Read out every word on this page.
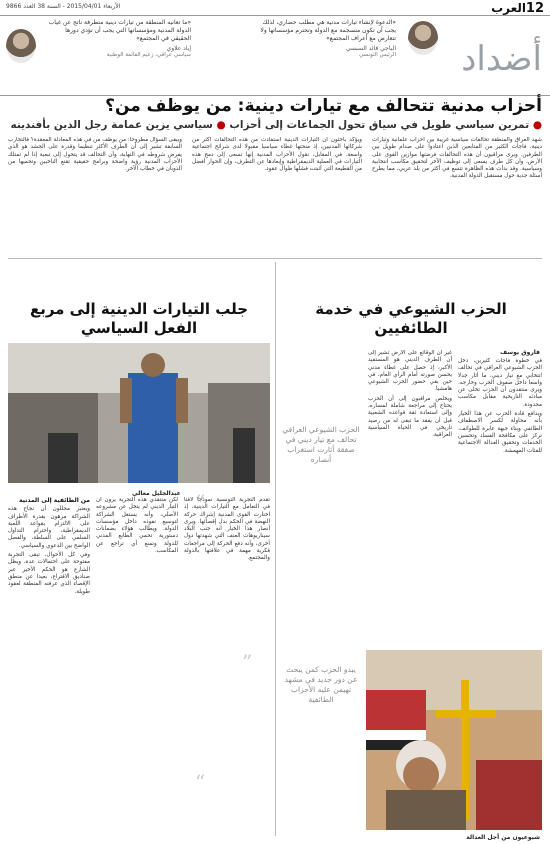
12
العرب
الأربعاء 2015/04/01 - السنة 38 العدد 9866
أضداد
«الدعوة لإنشاء تيارات مدنية هي مطلب حضاري، لذلك يجب أن تكون منسجمة مع الدولة وتحترم مؤسساتها ولا تتعارض مع أعراف المجتمع»
الباجي قائد السبسي
الرئيس التونسي
«ما تعانيه المنطقة من تيارات دينية متطرفة ناتج عن غياب الدولة المدنية ومؤسساتها التي يجب أن تؤدي دورها الحقيقي في المجتمع»
إياد علاوي
سياسي عراقي، زعيم القائمة الوطنية
أحزاب مدنية تتحالف مع تيارات دينية: من يوظف من؟
● تمرين سياسي طويل في سياق تحول الجماعات إلى أحزاب ● سياسي يزين عمامة رجل الدين بأفندينه

شهد العراق والمنطقة تحالفات سياسية غريبة بين أحزاب علمانية وتيارات دينية، فاجأت الكثير من المتابعين الذين اعتادوا على صدام طويل بين الطرفين. ويرى مراقبون أن هذه التحالفات فرضتها موازين القوى على الأرض، وأن كل طرف يسعى إلى توظيف الآخر لتحقيق مكاسب انتخابية وسياسية. وقد بدأت هذه الظاهرة تتسع في أكثر من بلد عربي، مما يطرح أسئلة جدية حول مستقبل الدولة المدنية.

ويؤكد باحثون أن التيارات الدينية استفادت من هذه التحالفات أكثر من شركائها المدنيين، إذ منحتها غطاء سياسيا مقبولا لدى شرائح اجتماعية واسعة. في المقابل، تقول الأحزاب المدنية إنها تسعى إلى دمج هذه التيارات في العملية الديمقراطية وإبعادها عن التطرف، وإن الحوار أفضل من القطيعة التي أثبتت فشلها طوال عقود.

ويبقى السؤال مطروحا: من يوظف من في هذه المعادلة المعقدة؟ فالتجارب السابقة تشير إلى أن الطرف الأكثر تنظيما وقدرة على الحشد هو الذي يفرض شروطه في النهاية، وأن التحالف قد يتحول إلى تبعية إذا لم تمتلك الأحزاب المدنية رؤية واضحة وبرامج حقيقية تقنع الناخبين وتحميها من الذوبان في خطاب الآخر.

الحزب الشيوعي في خدمة الطائفيين
فاروق يوسف

في خطوة فاجأت كثيرين، دخل الحزب الشيوعي العراقي في تحالف انتخابي مع تيار ديني، ما أثار جدلا واسعا داخل صفوف الحزب وخارجه. ويرى منتقدون أن الحزب تخلى عن مبادئه التاريخية مقابل مكاسب محدودة.

ويدافع قادة الحزب عن هذا الخيار بأنه محاولة لكسر الاصطفاف الطائفي وبناء جبهة عابرة للطوائف، تركز على مكافحة الفساد وتحسين الخدمات وتحقيق العدالة الاجتماعية للفئات المهمشة.

غير أن الوقائع على الأرض تشير إلى أن الطرف الديني هو المستفيد الأكبر، إذ حصل على غطاء مدني يحسن صورته أمام الرأي العام، في حين بقي حضور الحزب الشيوعي هامشيا.

ويخلص مراقبون إلى أن الحزب يحتاج إلى مراجعة شاملة لمساره، وإلى استعادة ثقة قواعده الشعبية قبل أن يفقد ما تبقى له من رصيد تاريخي في الحياة السياسية العراقية.

الحزب الشيوعي العراقي تحالف مع تيار ديني في صفقة أثارت استغراب أنصاره
“
”	يبدو الحزب كمن يبحث عن دور جديد في مشهد تهيمن عليه الأحزاب الطائفية
“
شيوعيون من أجل العدالة
جلب التيارات الدينية إلى مربع الفعل السياسي
عبدالجليل معالي

من الطائفية إلى المدنية

ويعتبر محللون أن نجاح هذه الشراكة مرهون بقدرة الأطراف على الالتزام بقواعد اللعبة الديمقراطية، واحترام التداول السلمي على السلطة، والفصل الواضح بين الدعوي والسياسي.

وفي كل الأحوال، تبقى التجربة مفتوحة على احتمالات عدة، ويظل الشارع هو الحكم الأخير عبر صناديق الاقتراع، بعيدا عن منطق الإقصاء الذي عرفته المنطقة لعقود طويلة.

لكن منتقدي هذه التجربة يرون أن التيار الديني لم يتخل عن مشروعه الأصلي، وأنه يستغل الشراكة لتوسيع نفوذه داخل مؤسسات الدولة. ويطالب هؤلاء بضمانات دستورية تحمي الطابع المدني للدولة وتمنع أي تراجع عن المكاسب.

تقدم التجربة التونسية نموذجا لافتا في التعامل مع التيارات الدينية، إذ اختارت القوى المدنية إشراك حركة النهضة في الحكم بدل إقصائها. ويرى أنصار هذا الخيار أنه جنب البلاد سيناريوهات العنف التي شهدتها دول أخرى، وأنه دفع الحركة إلى مراجعات فكرية مهمة في علاقتها بالدولة والمجتمع.
